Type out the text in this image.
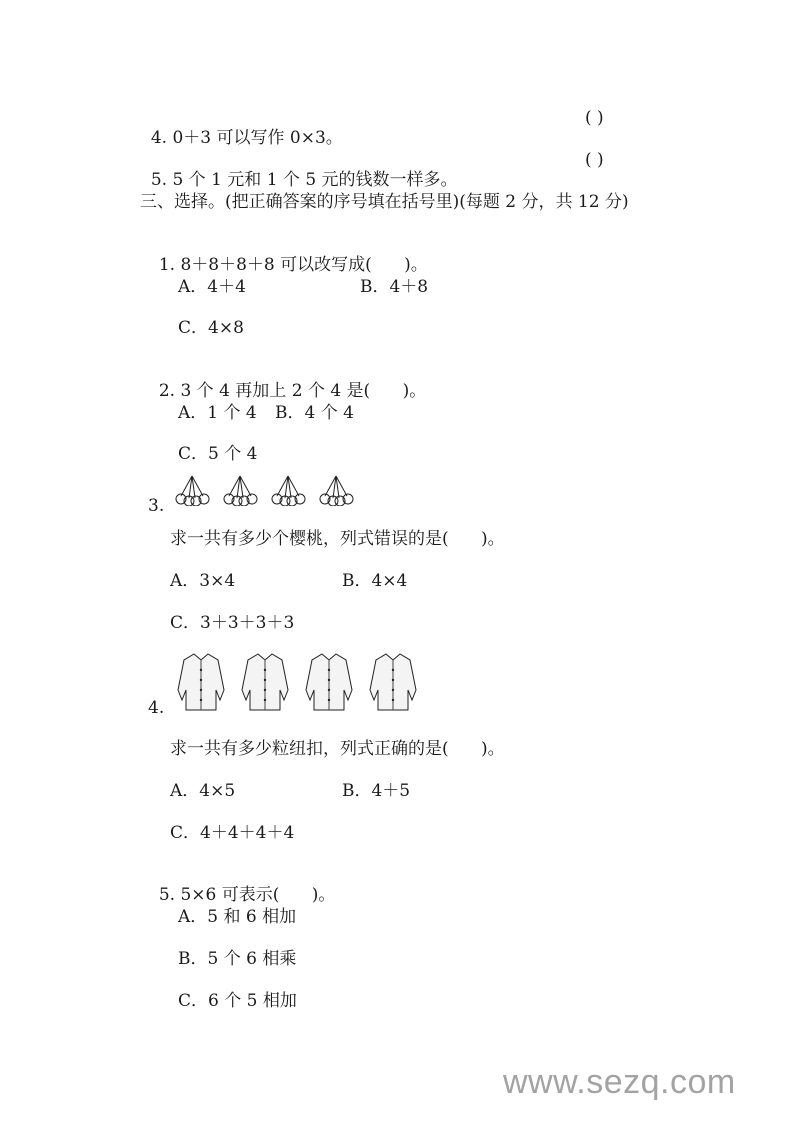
4. 0＋3 可以写作 0×3。

( )

5. 5 个 1 元和 1 个 5 元的钱数一样多。

( )
三、选择。(把正确答案的序号填在括号里)(每题 2 分，共 12 分)

1. 8＋8＋8＋8 可以改写成(      )。

A．4＋4	B．4＋8
C．4×8

2. 3 个 4 再加上 2 个 4 是(      )。

A．1 个 4 B．4 个 4
C．5 个 4
3.
求一共有多少个樱桃，列式错误的是(      )。
A．3×4	B．4×4
C．3＋3＋3＋3
4.
求一共有多少粒纽扣，列式正确的是(      )。
A．4×5	B．4＋5
C．4＋4＋4＋4

5. 5×6 可表示(      )。

A．5 和 6 相加
B．5 个 6 相乘
C．6 个 5 相加
www.sezq.com
